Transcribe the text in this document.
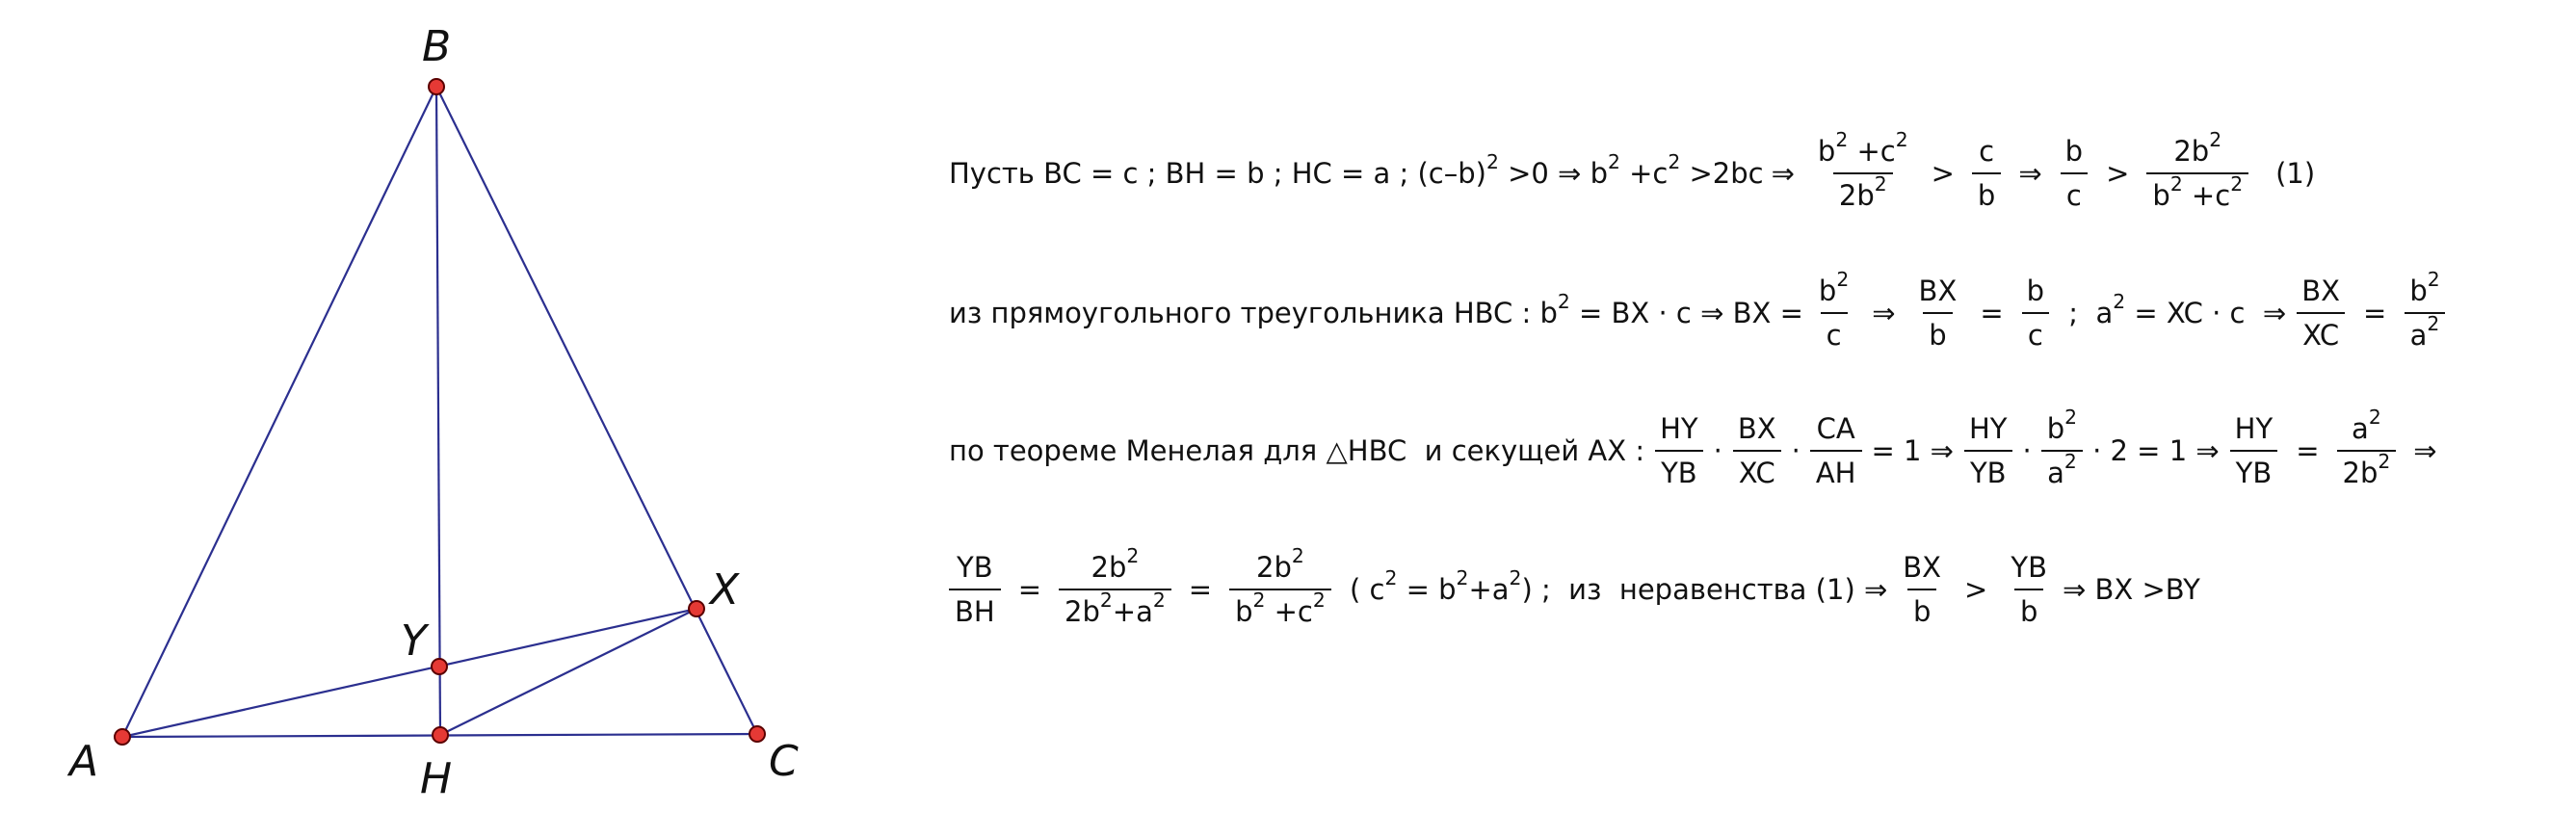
B
A	C
H
X
Y
Пусть BC = c ; BH = b ; HC = a ; $(c-b)^2 >0$ ⇒ $b^2 +c^2 >2bc$ ⇒ $\frac{b^2 +c^2}{2b^2} > \frac{c}{b}$ ⇒ $\frac{b}{c} > \frac{2b^2}{b^2 +c^2} (1)$
из прямоугольного треугольника HBC : $b^2$ = BX · c ⇒ BX = $\frac{b^2}{c}$ ⇒ $\frac{BX}{b} = \frac{b}{c}$ ;  $a^2$ = XC · c  ⇒ $\frac{BX}{XC} = \frac{b^2}{a^2}$
по теореме Менелая для △HBC  и секущей AX : $\frac{HY}{YB} \cdot \frac{BX}{XC} \cdot \frac{CA}{AH} = 1$ ⇒ $\frac{HY}{YB} \cdot \frac{b^2}{a^2} \cdot 2 = 1$ ⇒ $\frac{HY}{YB} = \frac{a^2}{2b^2}$ ⇒
$\frac{YB}{BH} = \frac{2b^2}{2b^2+a^2} = \frac{2b^2}{b^2 +c^2}$ ( $c^2 = b^2+a^2$) ;  из  неравенства (1) ⇒ $\frac{BX}{b} > \frac{YB}{b}$ ⇒ BX >BY
